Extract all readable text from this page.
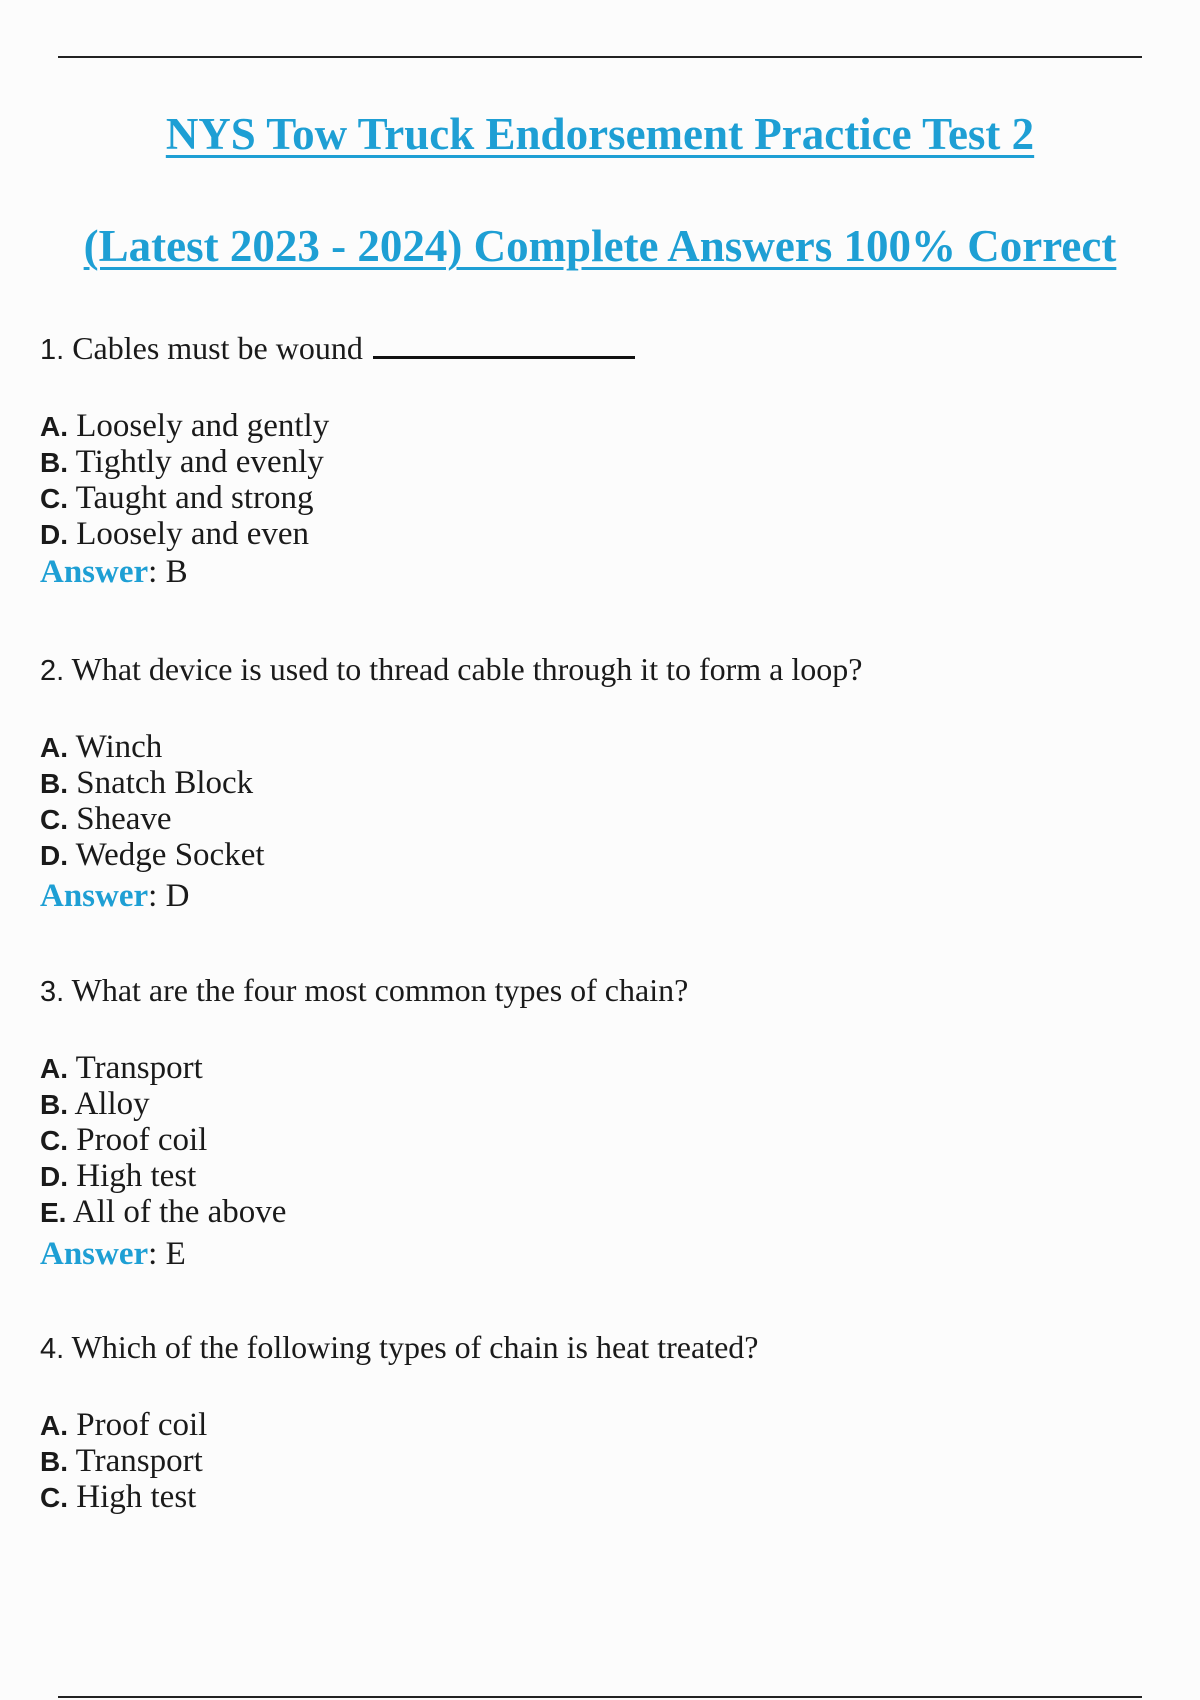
NYS Tow Truck Endorsement Practice Test 2
(Latest 2023 - 2024) Complete Answers 100% Correct
1. Cables must be wound
A. Loosely and gently
B. Tightly and evenly
C. Taught and strong
D. Loosely and even
Answer: B
2. What device is used to thread cable through it to form a loop?
A. Winch
B. Snatch Block
C. Sheave
D. Wedge Socket
Answer: D
3. What are the four most common types of chain?
A. Transport
B. Alloy
C. Proof coil
D. High test
E. All of the above
Answer: E
4. Which of the following types of chain is heat treated?
A. Proof coil
B. Transport
C. High test
